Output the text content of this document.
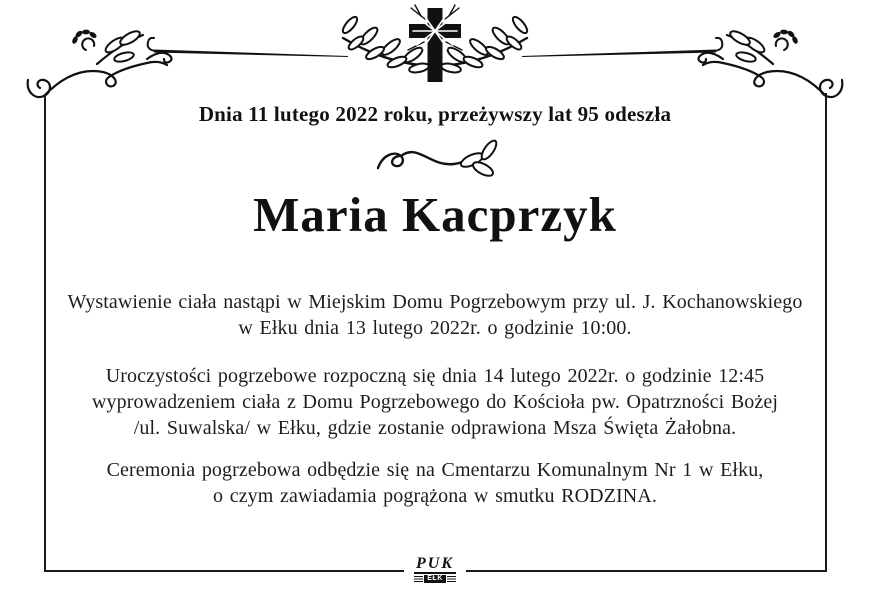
Dnia 11 lutego 2022 roku, przeżywszy lat 95 odeszła
Maria Kacprzyk
Wystawienie ciała nastąpi w Miejskim Domu Pogrzebowym przy ul. J. Kochanowskiego
w Ełku dnia 13 lutego 2022r. o godzinie 10:00.
Uroczystości pogrzebowe rozpoczną się dnia 14 lutego 2022r. o godzinie 12:45
wyprowadzeniem ciała z Domu Pogrzebowego do Kościoła pw. Opatrzności Bożej
/ul. Suwalska/ w Ełku, gdzie zostanie odprawiona Msza Święta Żałobna.
Ceremonia pogrzebowa odbędzie się na Cmentarzu Komunalnym Nr 1 w Ełku,
o czym zawiadamia pogrążona w smutku RODZINA.
PUK
EŁK
